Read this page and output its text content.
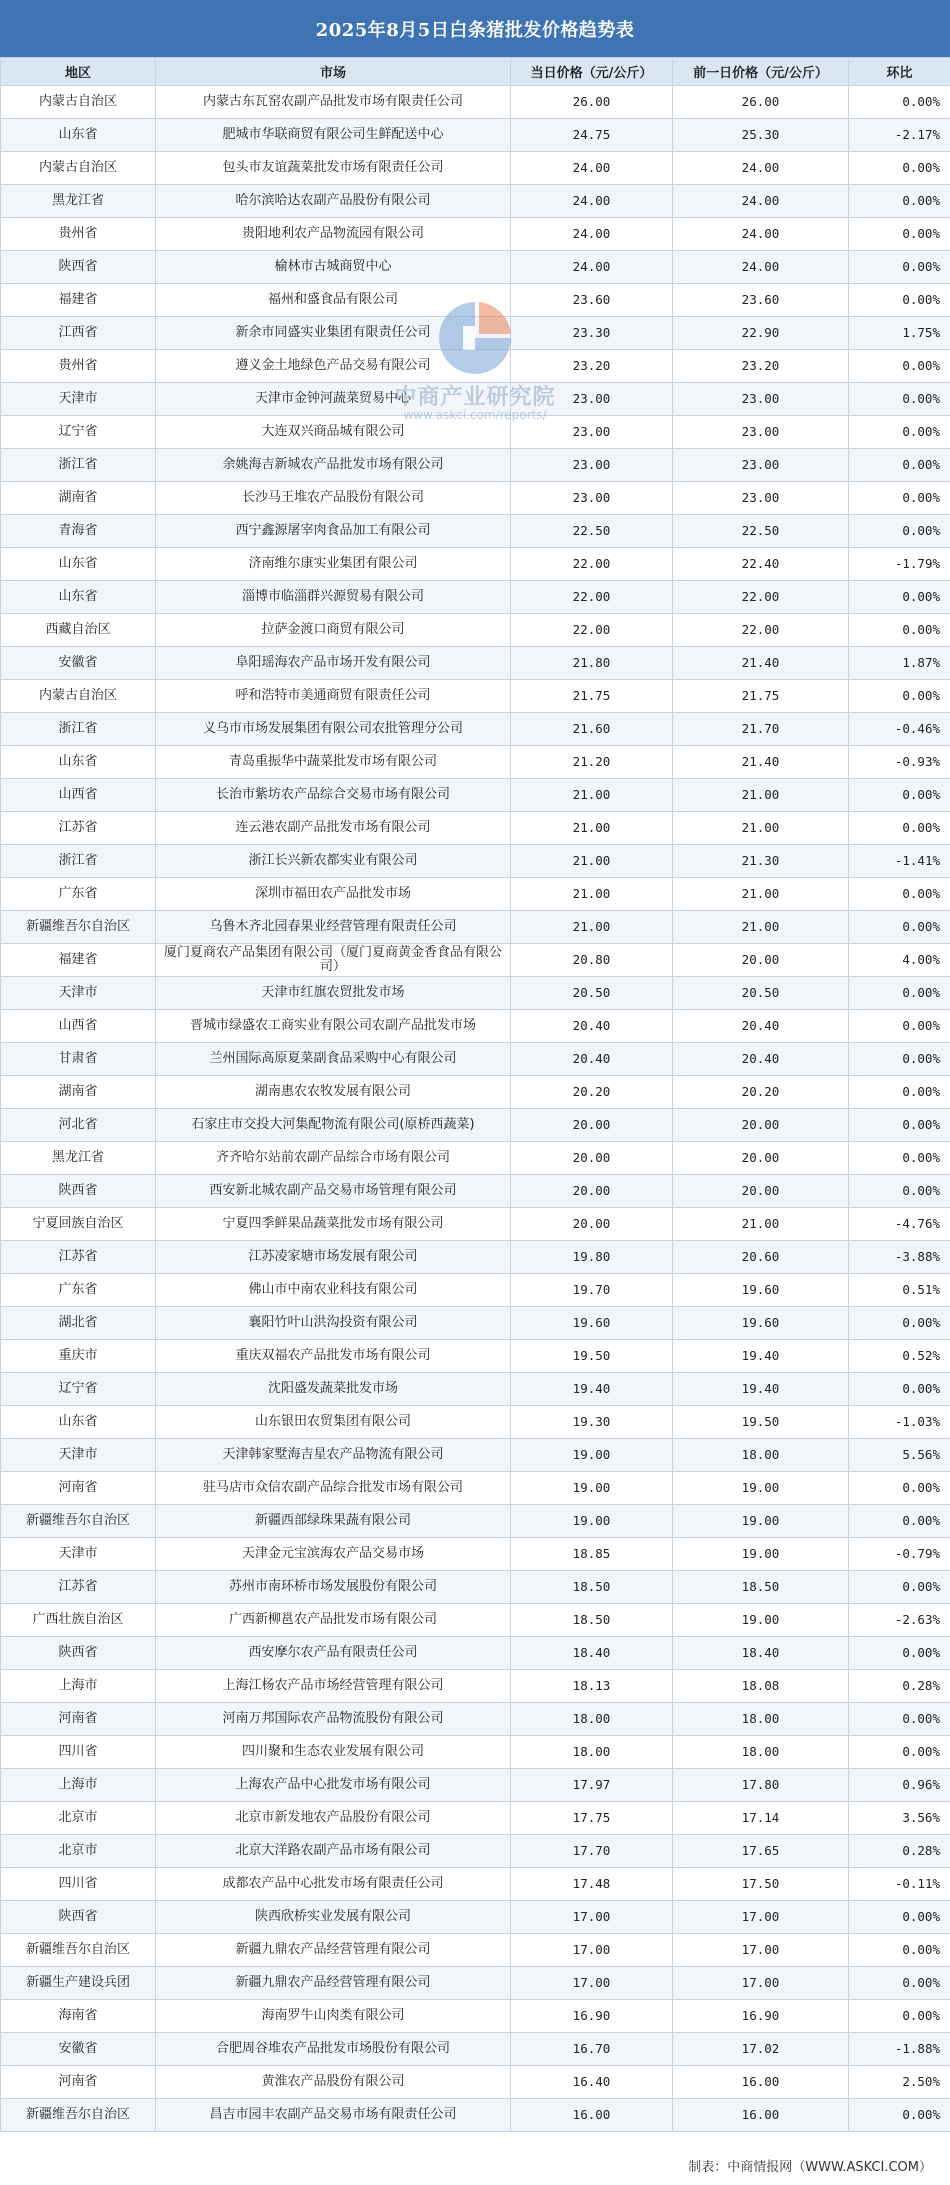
2025年8月5日白条猪批发价格趋势表
地区	市场	当日价格（元/公斤）	前一日价格（元/公斤）	环比
内蒙古自治区	内蒙古东瓦窑农副产品批发市场有限责任公司	26.00	26.00	0.00%
山东省	肥城市华联商贸有限公司生鲜配送中心	24.75	25.30	-2.17%
内蒙古自治区	包头市友谊蔬菜批发市场有限责任公司	24.00	24.00	0.00%
黑龙江省	哈尔滨哈达农副产品股份有限公司	24.00	24.00	0.00%
贵州省	贵阳地利农产品物流园有限公司	24.00	24.00	0.00%
陕西省	榆林市古城商贸中心	24.00	24.00	0.00%
福建省	福州和盛食品有限公司	23.60	23.60	0.00%
江西省	新余市同盛实业集团有限责任公司	23.30	22.90	1.75%
贵州省	遵义金土地绿色产品交易有限公司	23.20	23.20	0.00%
天津市	天津市金钟河蔬菜贸易中心	23.00	23.00	0.00%
辽宁省	大连双兴商品城有限公司	23.00	23.00	0.00%
浙江省	余姚海吉新城农产品批发市场有限公司	23.00	23.00	0.00%
湖南省	长沙马王堆农产品股份有限公司	23.00	23.00	0.00%
青海省	西宁鑫源屠宰肉食品加工有限公司	22.50	22.50	0.00%
山东省	济南维尔康实业集团有限公司	22.00	22.40	-1.79%
山东省	淄博市临淄群兴源贸易有限公司	22.00	22.00	0.00%
西藏自治区	拉萨金渡口商贸有限公司	22.00	22.00	0.00%
安徽省	阜阳瑶海农产品市场开发有限公司	21.80	21.40	1.87%
内蒙古自治区	呼和浩特市美通商贸有限责任公司	21.75	21.75	0.00%
浙江省	义乌市市场发展集团有限公司农批管理分公司	21.60	21.70	-0.46%
山东省	青岛重振华中蔬菜批发市场有限公司	21.20	21.40	-0.93%
山西省	长治市紫坊农产品综合交易市场有限公司	21.00	21.00	0.00%
江苏省	连云港农副产品批发市场有限公司	21.00	21.00	0.00%
浙江省	浙江长兴新农都实业有限公司	21.00	21.30	-1.41%
广东省	深圳市福田农产品批发市场	21.00	21.00	0.00%
新疆维吾尔自治区	乌鲁木齐北园春果业经营管理有限责任公司	21.00	21.00	0.00%
福建省	厦门夏商农产品集团有限公司（厦门夏商黄金香食品有限公司）	20.80	20.00	4.00%
天津市	天津市红旗农贸批发市场	20.50	20.50	0.00%
山西省	晋城市绿盛农工商实业有限公司农副产品批发市场	20.40	20.40	0.00%
甘肃省	兰州国际高原夏菜副食品采购中心有限公司	20.40	20.40	0.00%
湖南省	湖南惠农农牧发展有限公司	20.20	20.20	0.00%
河北省	石家庄市交投大河集配物流有限公司(原桥西蔬菜)	20.00	20.00	0.00%
黑龙江省	齐齐哈尔站前农副产品综合市场有限公司	20.00	20.00	0.00%
陕西省	西安新北城农副产品交易市场管理有限公司	20.00	20.00	0.00%
宁夏回族自治区	宁夏四季鲜果品蔬菜批发市场有限公司	20.00	21.00	-4.76%
江苏省	江苏凌家塘市场发展有限公司	19.80	20.60	-3.88%
广东省	佛山市中南农业科技有限公司	19.70	19.60	0.51%
湖北省	襄阳竹叶山洪沟投资有限公司	19.60	19.60	0.00%
重庆市	重庆双福农产品批发市场有限公司	19.50	19.40	0.52%
辽宁省	沈阳盛发蔬菜批发市场	19.40	19.40	0.00%
山东省	山东银田农贸集团有限公司	19.30	19.50	-1.03%
天津市	天津韩家墅海吉星农产品物流有限公司	19.00	18.00	5.56%
河南省	驻马店市众信农副产品综合批发市场有限公司	19.00	19.00	0.00%
新疆维吾尔自治区	新疆西部绿珠果蔬有限公司	19.00	19.00	0.00%
天津市	天津金元宝滨海农产品交易市场	18.85	19.00	-0.79%
江苏省	苏州市南环桥市场发展股份有限公司	18.50	18.50	0.00%
广西壮族自治区	广西新柳邕农产品批发市场有限公司	18.50	19.00	-2.63%
陕西省	西安摩尔农产品有限责任公司	18.40	18.40	0.00%
上海市	上海江杨农产品市场经营管理有限公司	18.13	18.08	0.28%
河南省	河南万邦国际农产品物流股份有限公司	18.00	18.00	0.00%
四川省	四川聚和生态农业发展有限公司	18.00	18.00	0.00%
上海市	上海农产品中心批发市场有限公司	17.97	17.80	0.96%
北京市	北京市新发地农产品股份有限公司	17.75	17.14	3.56%
北京市	北京大洋路农副产品市场有限公司	17.70	17.65	0.28%
四川省	成都农产品中心批发市场有限责任公司	17.48	17.50	-0.11%
陕西省	陕西欣桥实业发展有限公司	17.00	17.00	0.00%
新疆维吾尔自治区	新疆九鼎农产品经营管理有限公司	17.00	17.00	0.00%
新疆生产建设兵团	新疆九鼎农产品经营管理有限公司	17.00	17.00	0.00%
海南省	海南罗牛山肉类有限公司	16.90	16.90	0.00%
安徽省	合肥周谷堆农产品批发市场股份有限公司	16.70	17.02	-1.88%
河南省	黄淮农产品股份有限公司	16.40	16.00	2.50%
新疆维吾尔自治区	昌吉市园丰农副产品交易市场有限责任公司	16.00	16.00	0.00%
中商产业研究院
www.askci.com/reports/
制表：中商情报网（WWW.ASKCI.COM）
